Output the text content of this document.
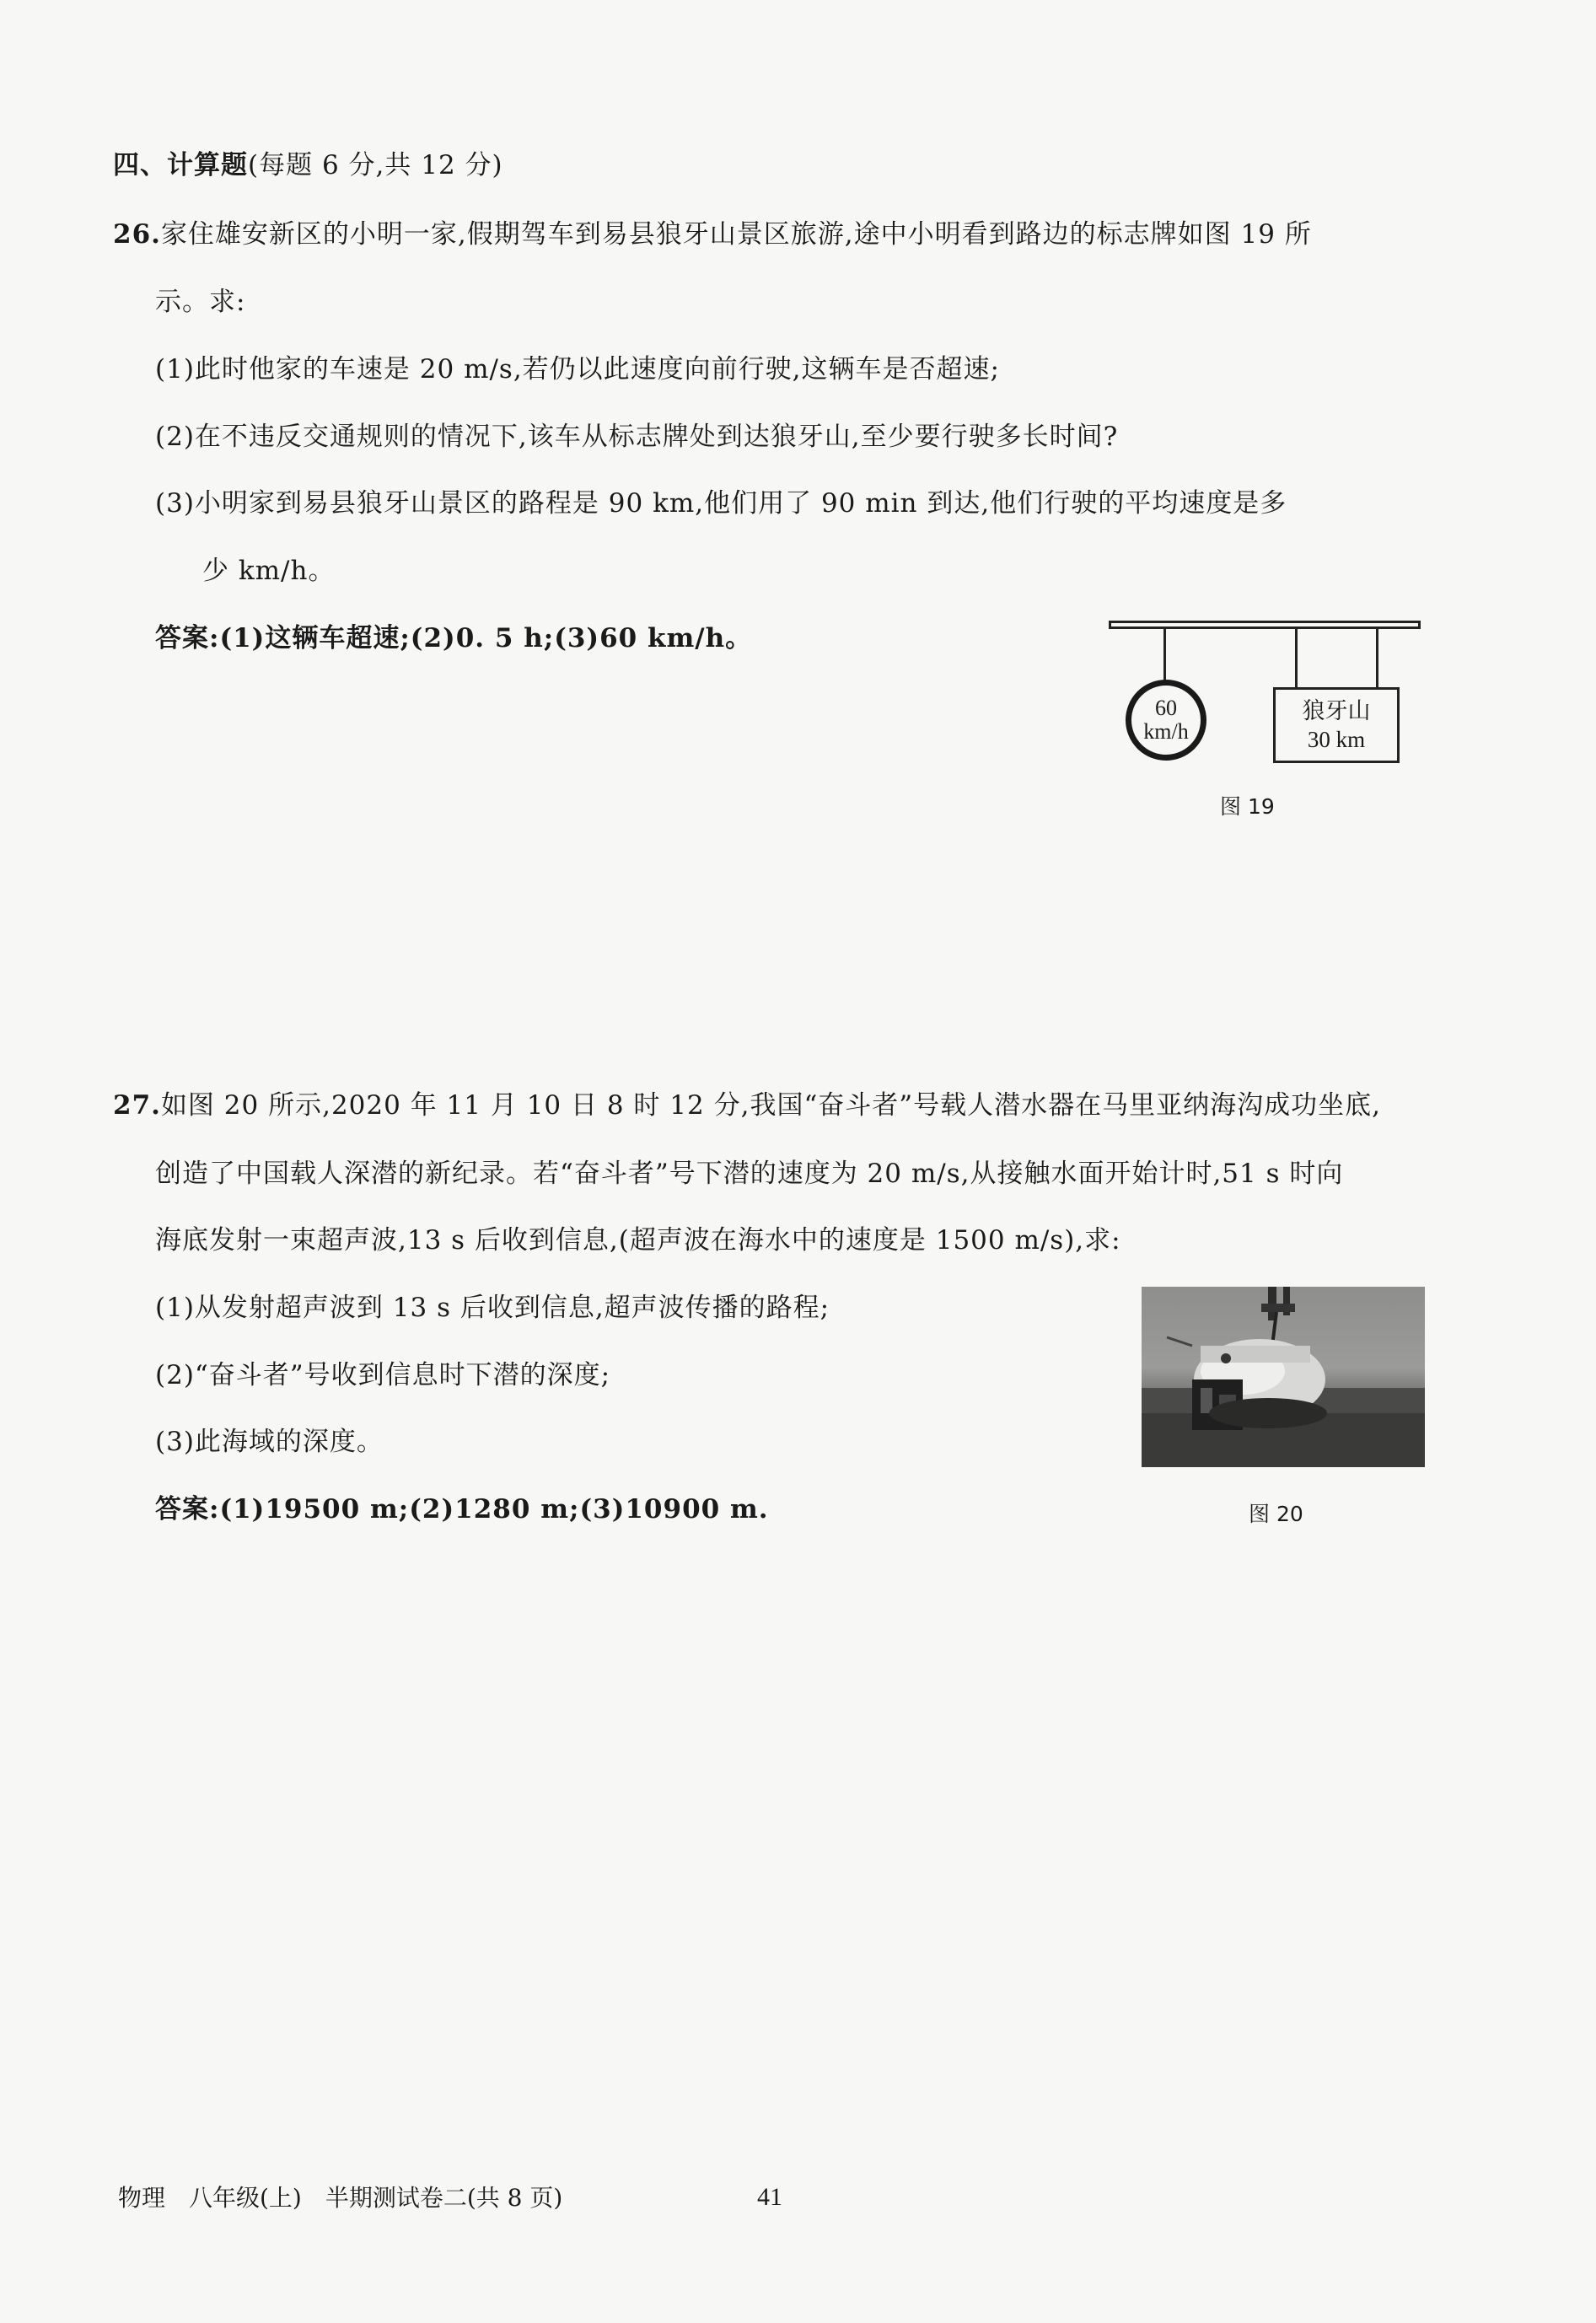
四、计算题(每题 6 分,共 12 分)
26.家住雄安新区的小明一家,假期驾车到易县狼牙山景区旅游,途中小明看到路边的标志牌如图 19 所
示。求:
(1)此时他家的车速是 20 m/s,若仍以此速度向前行驶,这辆车是否超速;
(2)在不违反交通规则的情况下,该车从标志牌处到达狼牙山,至少要行驶多长时间?
(3)小明家到易县狼牙山景区的路程是 90 km,他们用了 90 min 到达,他们行驶的平均速度是多
少 km/h。
答案:(1)这辆车超速;(2)0. 5 h;(3)60 km/h。
60
km/h
狼牙山
30 km
图 19
27.如图 20 所示,2020 年 11 月 10 日 8 时 12 分,我国“奋斗者”号载人潜水器在马里亚纳海沟成功坐底,
创造了中国载人深潜的新纪录。若“奋斗者”号下潜的速度为 20 m/s,从接触水面开始计时,51 s 时向
海底发射一束超声波,13 s 后收到信息,(超声波在海水中的速度是 1500 m/s),求:
(1)从发射超声波到 13 s 后收到信息,超声波传播的路程;
(2)“奋斗者”号收到信息时下潜的深度;
(3)此海域的深度。
答案:(1)19500 m;(2)1280 m;(3)10900 m.	图 20
物理　八年级(上)　半期测试卷二(共 8 页)	41
